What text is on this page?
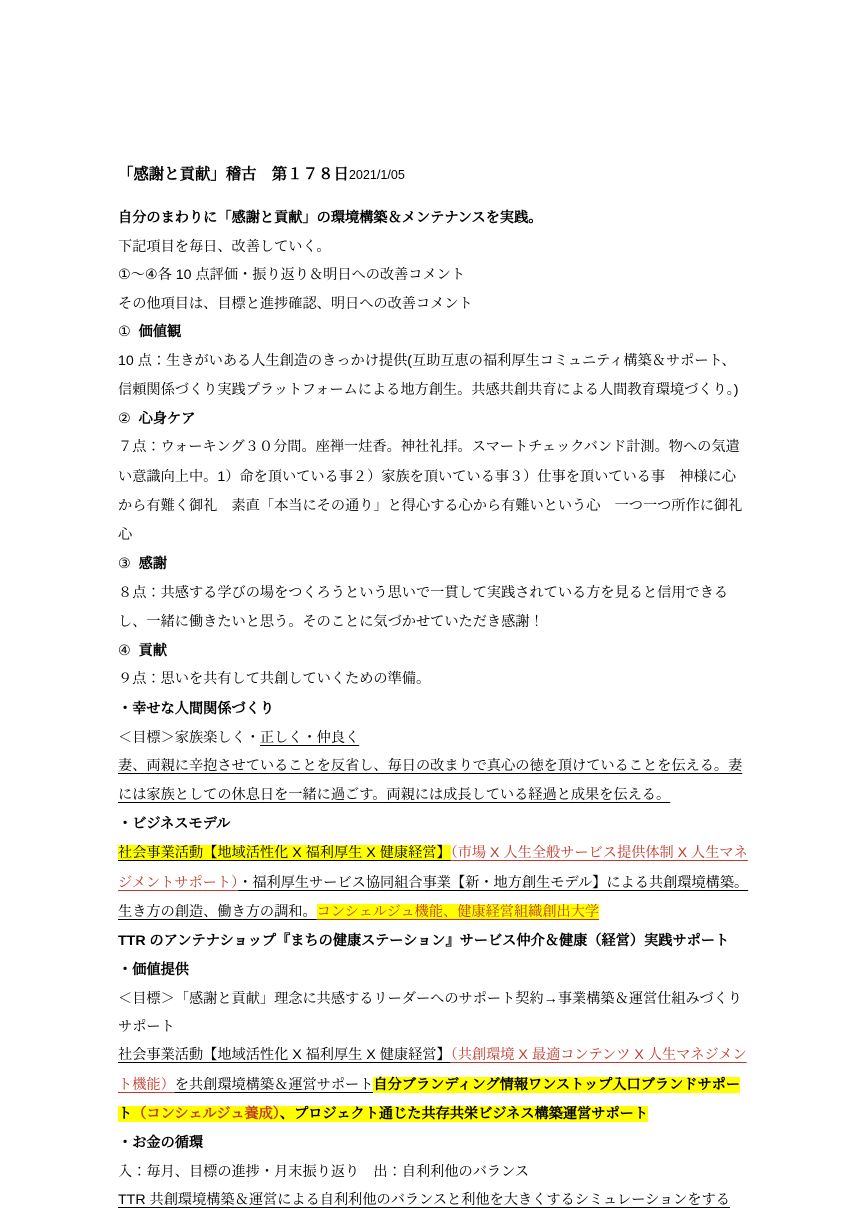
「感謝と貢献」稽古　第１７８日2021/1/05
自分のまわりに「感謝と貢献」の環境構築＆メンテナンスを実践。
下記項目を毎日、改善していく。
①〜④各 10 点評価・振り返り＆明日への改善コメント
その他項目は、目標と進捗確認、明日への改善コメント
① 価値観
10 点：生きがいある人生創造のきっかけ提供(互助互恵の福利厚生コミュニティ構築＆サポート、信頼関係づくり実践プラットフォームによる地方創生。共感共創共育による人間教育環境づくり。)
② 心身ケア
７点：ウォーキング３０分間。座禅一炷香。神社礼拝。スマートチェックバンド計測。物への気遣い意識向上中。1）命を頂いている事２）家族を頂いている事３）仕事を頂いている事　神様に心から有難く御礼　素直「本当にその通り」と得心する心から有難いという心　一つ一つ所作に御礼心
③ 感謝
８点：共感する学びの場をつくろうという思いで一貫して実践されている方を見ると信用できるし、一緒に働きたいと思う。そのことに気づかせていただき感謝！
④ 貢献
９点：思いを共有して共創していくための準備。
・幸せな人間関係づくり
＜目標＞家族楽しく・正しく・仲良く
妻、両親に辛抱させていることを反省し、毎日の改まりで真心の徳を頂けていることを伝える。妻には家族としての休息日を一緒に過ごす。両親には成長している経過と成果を伝える。
・ビジネスモデル
社会事業活動【地域活性化 X 福利厚生 X 健康経営】（市場 X 人生全般サービス提供体制 X 人生マネジメントサポート）・福利厚生サービス協同組合事業【新・地方創生モデル】による共創環境構築。生き方の創造、働き方の調和。コンシェルジュ機能、健康経営組織創出大学
TTR のアンテナショップ『まちの健康ステーション』サービス仲介＆健康（経営）実践サポート
・価値提供
＜目標＞「感謝と貢献」理念に共感するリーダーへのサポート契約→事業構築＆運営仕組みづくりサポート
社会事業活動【地域活性化 X 福利厚生 X 健康経営】（共創環境 X 最適コンテンツ X 人生マネジメント機能）を共創環境構築＆運営サポート自分ブランディング情報ワンストップ入口ブランドサポート（コンシェルジュ養成）、プロジェクト通じた共存共栄ビジネス構築運営サポート
・お金の循環
入：毎月、目標の進捗・月末振り返り　出：自利利他のバランス
TTR 共創環境構築＆運営による自利利他のバランスと利他を大きくするシミュレーションをする
